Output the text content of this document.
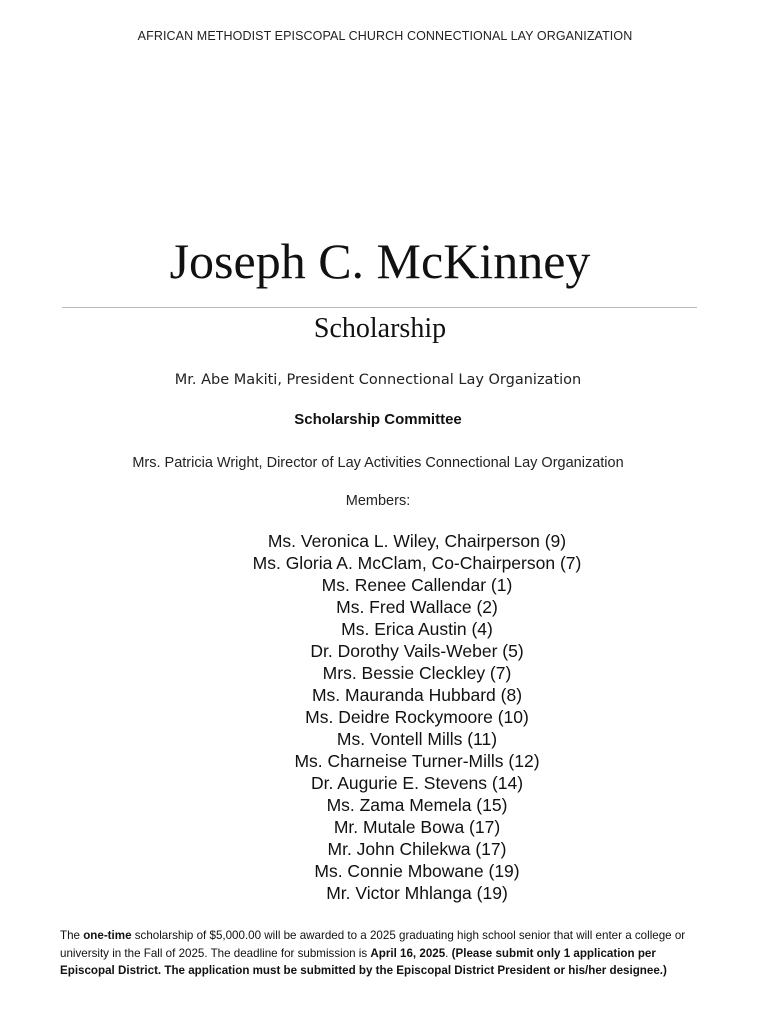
AFRICAN METHODIST EPISCOPAL CHURCH CONNECTIONAL LAY ORGANIZATION
Joseph C. McKinney
Scholarship
Mr. Abe Makiti, President Connectional Lay Organization
Scholarship Committee
Mrs. Patricia Wright, Director of Lay Activities Connectional Lay Organization
Members:
Ms. Veronica L. Wiley, Chairperson (9)
Ms. Gloria A. McClam, Co-Chairperson (7)
Ms. Renee Callendar (1)
Ms. Fred Wallace (2)
Ms. Erica Austin (4)
Dr. Dorothy Vails-Weber (5)
Mrs. Bessie Cleckley (7)
Ms. Mauranda Hubbard (8)
Ms. Deidre Rockymoore (10)
Ms. Vontell Mills (11)
Ms. Charneise Turner-Mills (12)
Dr. Augurie E. Stevens (14)
Ms. Zama Memela (15)
Mr. Mutale Bowa (17)
Mr. John Chilekwa (17)
Ms. Connie Mbowane (19)
Mr. Victor Mhlanga (19)
The one-time scholarship of $5,000.00 will be awarded to a 2025 graduating high school senior that will enter a college or university in the Fall of 2025. The deadline for submission is April 16, 2025. (Please submit only 1 application per Episcopal District. The application must be submitted by the Episcopal District President or his/her designee.)
